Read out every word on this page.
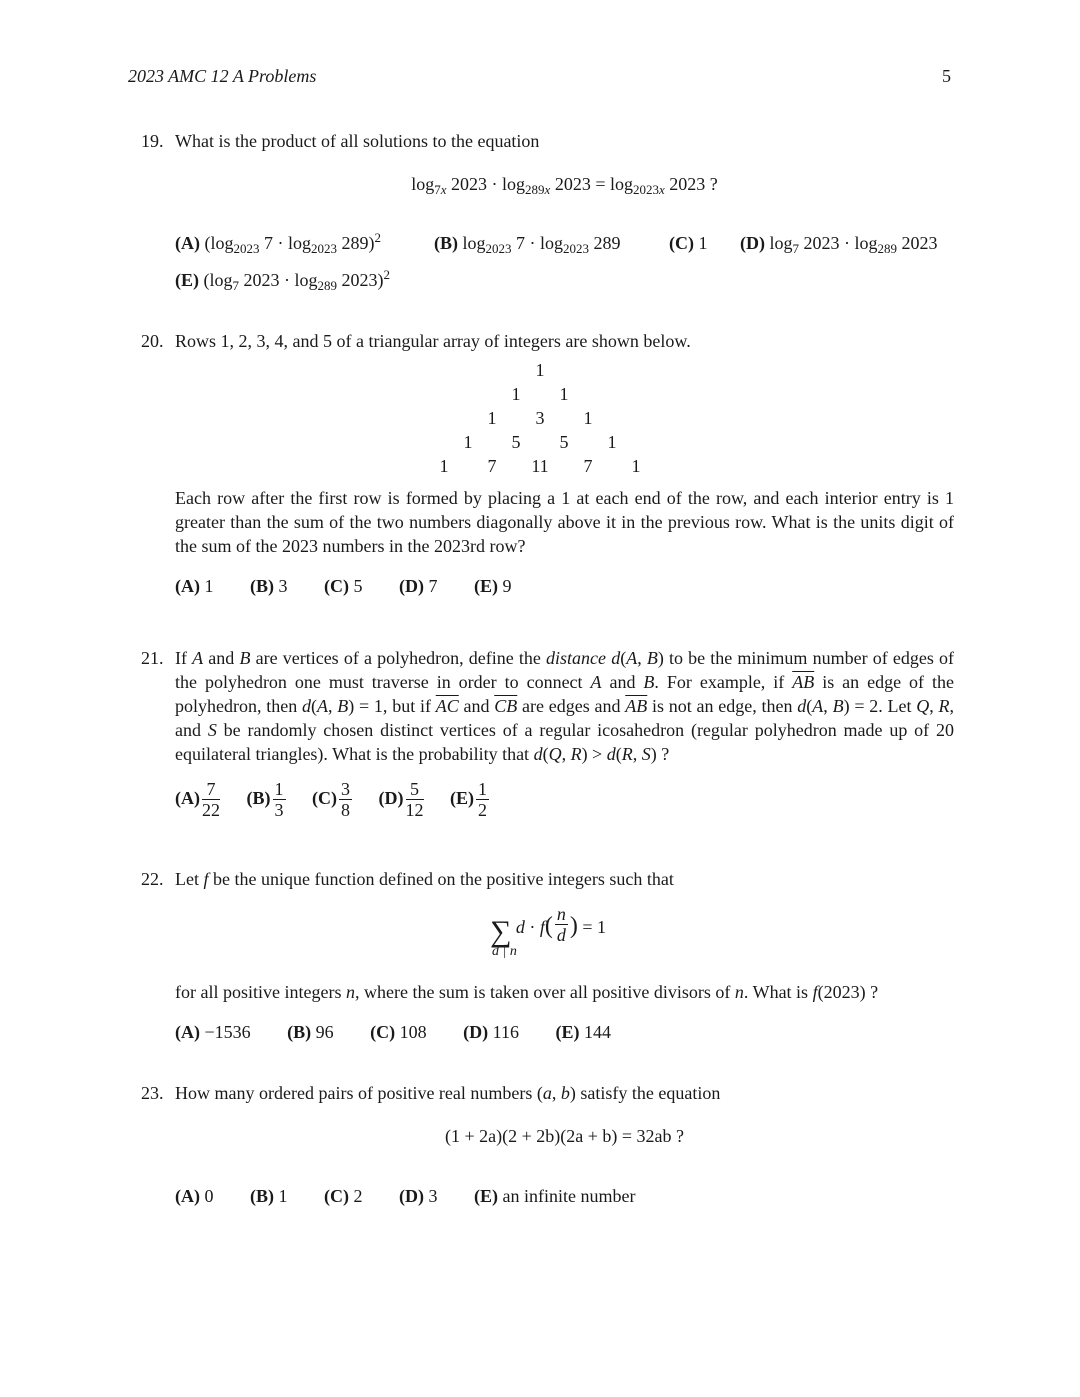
2023 AMC 12 A Problems	5
19. What is the product of all solutions to the equation
$\log_{7x} 2023 \cdot \log_{289x} 2023 = \log_{2023x} 2023$ ?
(A) ($\log_{2023}$ $7 \cdot \log_{2023} 289)^2$	(B) $\log_{2023} 7 \cdot \log_{2023} 289$	(C) 1 (D) $\log_7 2023 \cdot \log_{289} 2023$
(E) ($\log_7$ $2023 \cdot \log_{289} 2023)^2$
20. Rows 1, 2, 3, 4, and 5 of a triangular array of integers are shown below.
1
1	1
1	3	1
1	5	5	1
1	7	11	7	1
Each row after the first row is formed by placing a 1 at each end of the row, and each interior entry is 1 greater than the sum of the two numbers diagonally above it in the previous row. What is the units digit of the sum of the 2023 numbers in the 2023rd row?
(A) 1 (B) 3 (C) 5 (D) 7 (E) 9
21. If A and B are vertices of a polyhedron, define the distance d(A, B) to be the minimum number of edges of the polyhedron one must traverse in order to connect A and B. For example, if $\overline{AB}$ is an edge of the polyhedron, then d(A, B) = 1, but if $\overline{AC}$ and $\overline{CB}$ are edges and $\overline{AB}$ is not an edge, then d(A, B) = 2. Let Q, R, and S be randomly chosen distinct vertices of a regular icosahedron (regular polyhedron made up of 20 equilateral triangles). What is the probability that d(Q, R) > d(R, S) ?
$(A) \frac{7}{22} (B) \frac{1}{3} (C) \frac{3}{8} (D) \frac{5}{12} (E) \frac{1}{2}$
22. Let f be the unique function defined on the positive integers such that
∑ $d \cdot f( \frac{n}{d}$ ) = 1
d | n
for all positive integers n, where the sum is taken over all positive divisors of n. What is f(2023) ?
(A) −1536 (B) 96 (C) 108 (D) 116 (E) 144
23. How many ordered pairs of positive real numbers (a, b) satisfy the equation
(1 + 2a)(2 + 2b)(2a + b) = 32ab ?
(A) 0 (B) 1 (C) 2 (D) 3 (E) an infinite number
